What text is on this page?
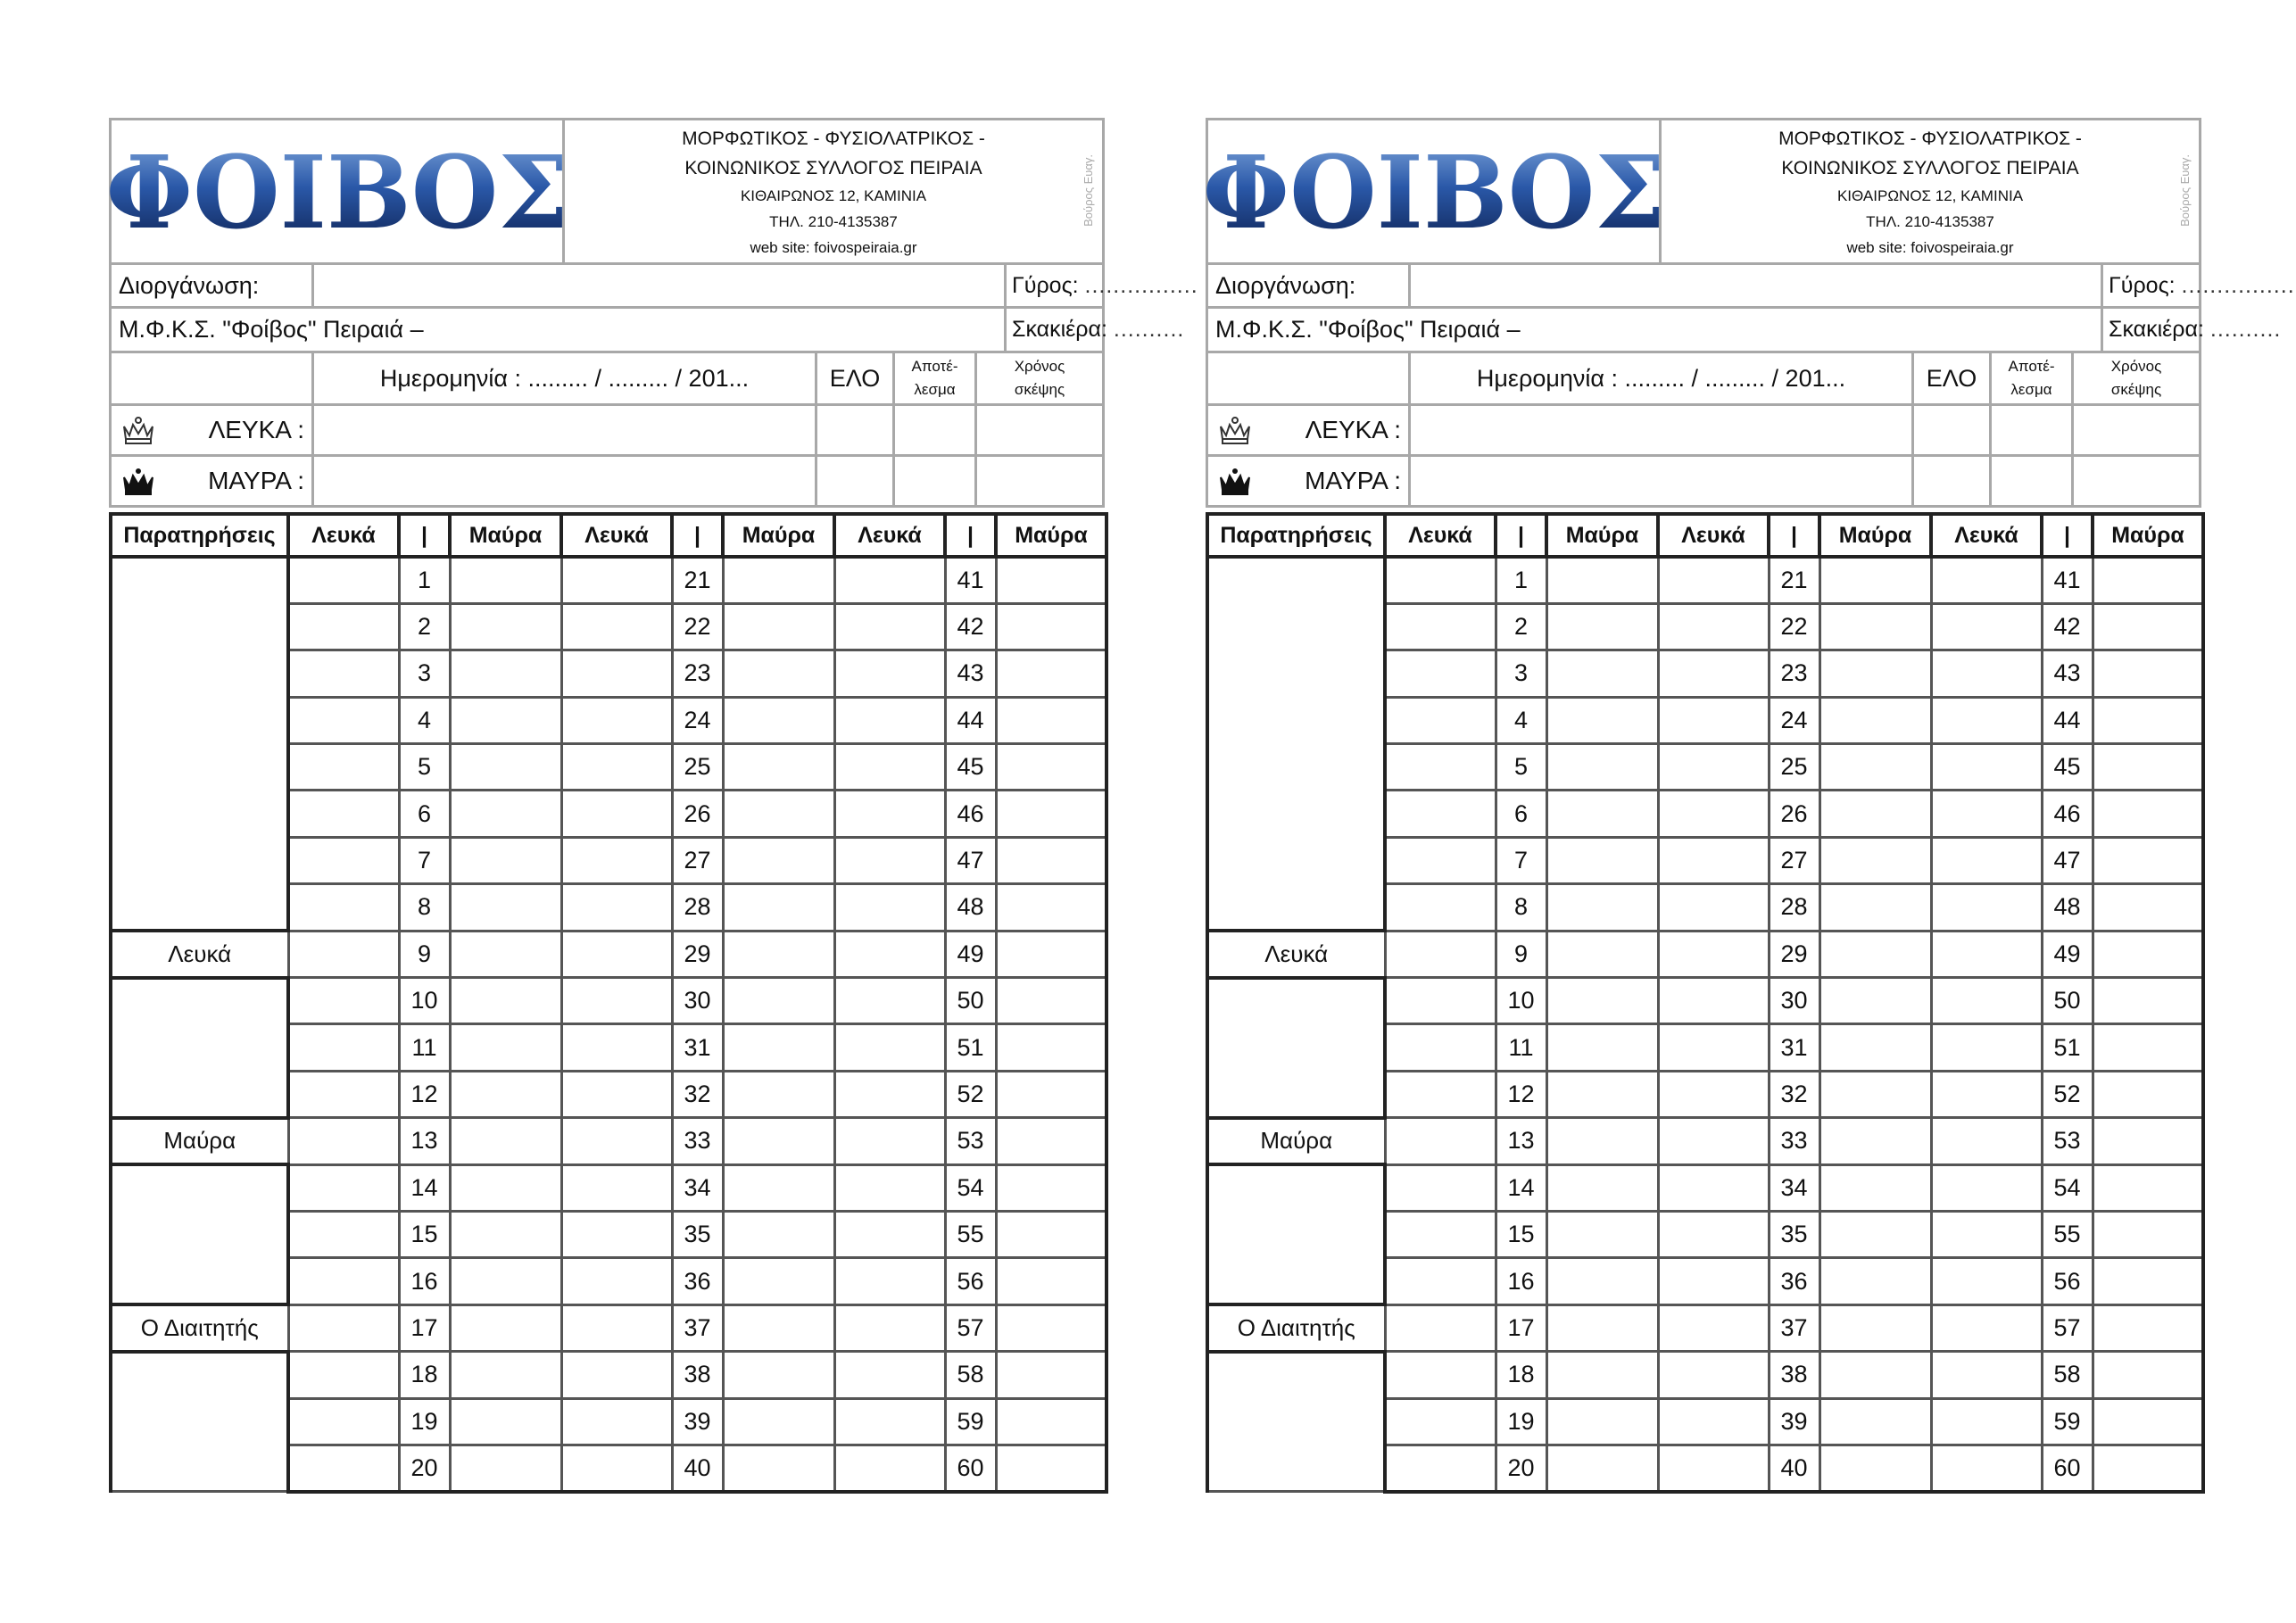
ΦΟΙΒΟΣ	ΜΟΡΦΩΤΙΚΟΣ - ΦΥΣΙΟΛΑΤΡΙΚΟΣ -
ΚΟΙΝΩΝΙΚΟΣ ΣΥΛΛΟΓΟΣ ΠΕΙΡΑΙΑ
ΚΙΘΑΙΡΩΝΟΣ 12, ΚΑΜΙΝΙΑ
ΤΗΛ. 210-4135387
web site: foivospeiraia.gr
Βούρος Ευαγ.
Διοργάνωση:	Γύρος: ................
Μ.Φ.Κ.Σ. "Φοίβος" Πειραιά –	Σκακιέρα: ..........
Ημερομηνία : ......... / ......... / 201...	ΕΛΟ	Αποτέ-
λεσμα
Χρόνος
σκέψης
ΛΕΥΚΑ :
ΜΑΥΡΑ :
Παρατηρήσεις	Λευκά	|	Μαύρα	Λευκά	|	Μαύρα	Λευκά	|	Μαύρα
		1			21			41	
		2			22			42	
		3			23			43	
		4			24			44	
		5			25			45	
		6			26			46	
		7			27			47	
		8			28			48	
Λευκά		9			29			49	
		10			30			50	
		11			31			51	
		12			32			52	
Μαύρα		13			33			53	
		14			34			54	
		15			35			55	
		16			36			56	
Ο Διαιτητής		17			37			57	
		18			38			58	
		19			39			59	
		20			40			60	
ΦΟΙΒΟΣ	ΜΟΡΦΩΤΙΚΟΣ - ΦΥΣΙΟΛΑΤΡΙΚΟΣ -
ΚΟΙΝΩΝΙΚΟΣ ΣΥΛΛΟΓΟΣ ΠΕΙΡΑΙΑ
ΚΙΘΑΙΡΩΝΟΣ 12, ΚΑΜΙΝΙΑ
ΤΗΛ. 210-4135387
web site: foivospeiraia.gr
Βούρος Ευαγ.
Διοργάνωση:	Γύρος: ................
Μ.Φ.Κ.Σ. "Φοίβος" Πειραιά –	Σκακιέρα: ..........
Ημερομηνία : ......... / ......... / 201...	ΕΛΟ	Αποτέ-
λεσμα
Χρόνος
σκέψης
ΛΕΥΚΑ :
ΜΑΥΡΑ :
Παρατηρήσεις	Λευκά	|	Μαύρα	Λευκά	|	Μαύρα	Λευκά	|	Μαύρα
		1			21			41	
		2			22			42	
		3			23			43	
		4			24			44	
		5			25			45	
		6			26			46	
		7			27			47	
		8			28			48	
Λευκά		9			29			49	
		10			30			50	
		11			31			51	
		12			32			52	
Μαύρα		13			33			53	
		14			34			54	
		15			35			55	
		16			36			56	
Ο Διαιτητής		17			37			57	
		18			38			58	
		19			39			59	
		20			40			60	
